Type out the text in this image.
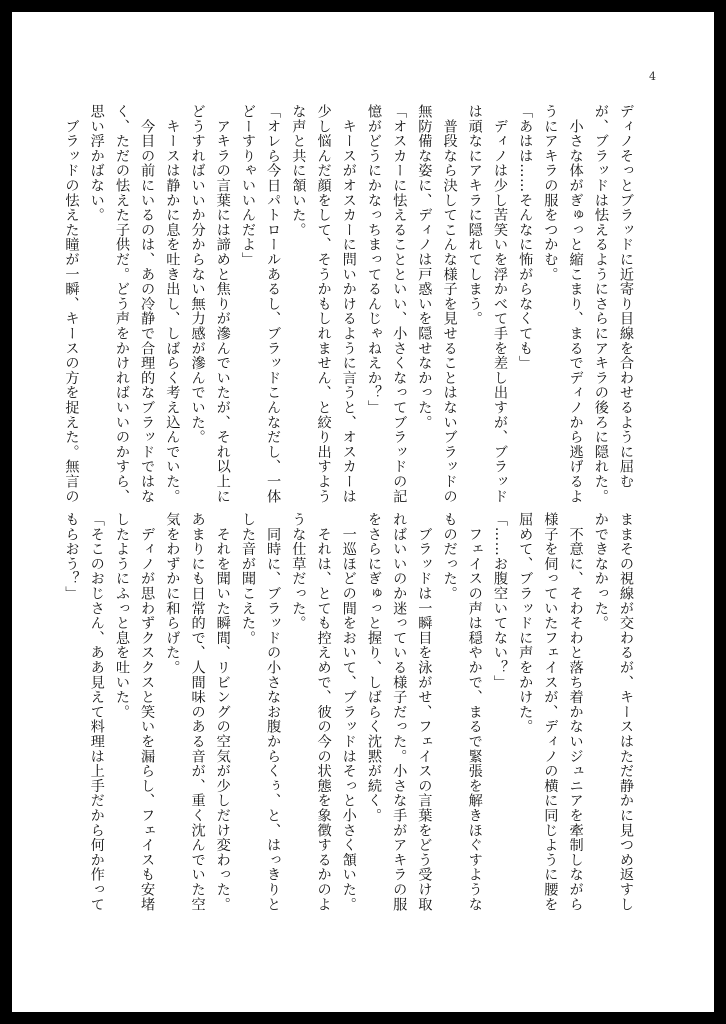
4
ディノそっとブラッドに近寄り目線を合わせるように屈む
が、ブラッドは怯えるようにさらにアキラの後ろに隠れた。
　小さな体がぎゅっと縮こまり、まるでディノから逃げるよ
うにアキラの服をつかむ。
「あはは……そんなに怖がらなくても」
　ディノは少し苦笑いを浮かべて手を差し出すが、ブラッド
は頑なにアキラに隠れてしまう。
　普段なら決してこんな様子を見せることはないブラッドの
無防備な姿に、ディノは戸惑いを隠せなかった。
「オスカーに怯えることといい、小さくなってブラッドの記
憶がどうにかなっちまってるんじゃねえか？」
　キースがオスカーに問いかけるように言うと、オスカーは
少し悩んだ顔をして、そうかもしれません、と絞り出すよう
な声と共に頷いた。
「オレら今日パトロールあるし、ブラッドこんなだし、一体
どーすりゃいいんだよ」
　アキラの言葉には諦めと焦りが滲んでいたが、それ以上に
どうすればいいか分からない無力感が滲んでいた。
　キースは静かに息を吐き出し、しばらく考え込んでいた。
　今目の前にいるのは、あの冷静で合理的なブラッドではな
く、ただの怯えた子供だ。どう声をかければいいのかすら、
思い浮かばない。
　ブラッドの怯えた瞳が一瞬、キースの方を捉えた。無言の
ままその視線が交わるが、キースはただ静かに見つめ返すし
かできなかった。
　不意に、そわそわと落ち着かないジュニアを牽制しながら
様子を伺っていたフェイスが、ディノの横に同じように腰を
屈めて、ブラッドに声をかけた。
「……お腹空いてない？」
　フェイスの声は穏やかで、まるで緊張を解きほぐすような
ものだった。
　ブラッドは一瞬目を泳がせ、フェイスの言葉をどう受け取
ればいいのか迷っている様子だった。小さな手がアキラの服
をさらにぎゅっと握り、しばらく沈黙が続く。
　一巡ほどの間をおいて、ブラッドはそっと小さく頷いた。
　それは、とても控えめで、彼の今の状態を象徴するかのよ
うな仕草だった。
　同時に、ブラッドの小さなお腹からくぅ、と、はっきりと
した音が聞こえた。
　それを聞いた瞬間、リビングの空気が少しだけ変わった。
あまりにも日常的で、人間味のある音が、重く沈んでいた空
気をわずかに和らげた。
　ディノが思わずクスクスと笑いを漏らし、フェイスも安堵
したようにふっと息を吐いた。
「そこのおじさん、ああ見えて料理は上手だから何か作って
もらおう？」
